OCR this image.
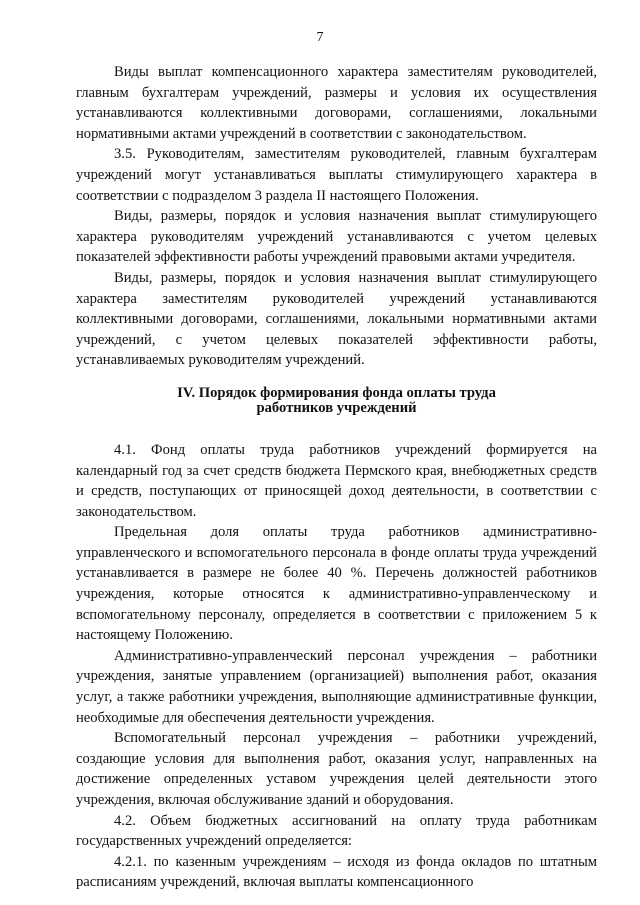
7

Виды выплат компенсационного характера заместителям руководителей, главным бухгалтерам учреждений, размеры и условия их осуществления устанавливаются коллективными договорами, соглашениями, локальными нормативными актами учреждений в соответствии с законодательством.

3.5. Руководителям, заместителям руководителей, главным бухгалтерам учреждений могут устанавливаться выплаты стимулирующего характера в соответствии с подразделом 3 раздела II настоящего Положения.

Виды, размеры, порядок и условия назначения выплат стимулирующего характера руководителям учреждений устанавливаются с учетом целевых показателей эффективности работы учреждений правовыми актами учредителя.

Виды, размеры, порядок и условия назначения выплат стимулирующего характера заместителям руководителей учреждений устанавливаются коллективными договорами, соглашениями, локальными нормативными актами учреждений, с учетом целевых показателей эффективности работы, устанавливаемых руководителям учреждений.

IV. Порядок формирования фонда оплаты труда
работников учреждений

4.1. Фонд оплаты труда работников учреждений формируется на календарный год за счет средств бюджета Пермского края, внебюджетных средств и средств, поступающих от приносящей доход деятельности, в соответствии с законодательством.

Предельная доля оплаты труда работников административно-управленческого и вспомогательного персонала в фонде оплаты труда учреждений устанавливается в размере не более 40 %. Перечень должностей работников учреждения, которые относятся к административно-управленческому и вспомогательному персоналу, определяется в соответствии с приложением 5 к настоящему Положению.

Административно-управленческий персонал учреждения – работники учреждения, занятые управлением (организацией) выполнения работ, оказания услуг, а также работники учреждения, выполняющие административные функции, необходимые для обеспечения деятельности учреждения.

Вспомогательный персонал учреждения – работники учреждений, создающие условия для выполнения работ, оказания услуг, направленных на достижение определенных уставом учреждения целей деятельности этого учреждения, включая обслуживание зданий и оборудования.

4.2. Объем бюджетных ассигнований на оплату труда работникам государственных учреждений определяется:

4.2.1. по казенным учреждениям – исходя из фонда окладов по штатным расписаниям учреждений, включая выплаты компенсационного
